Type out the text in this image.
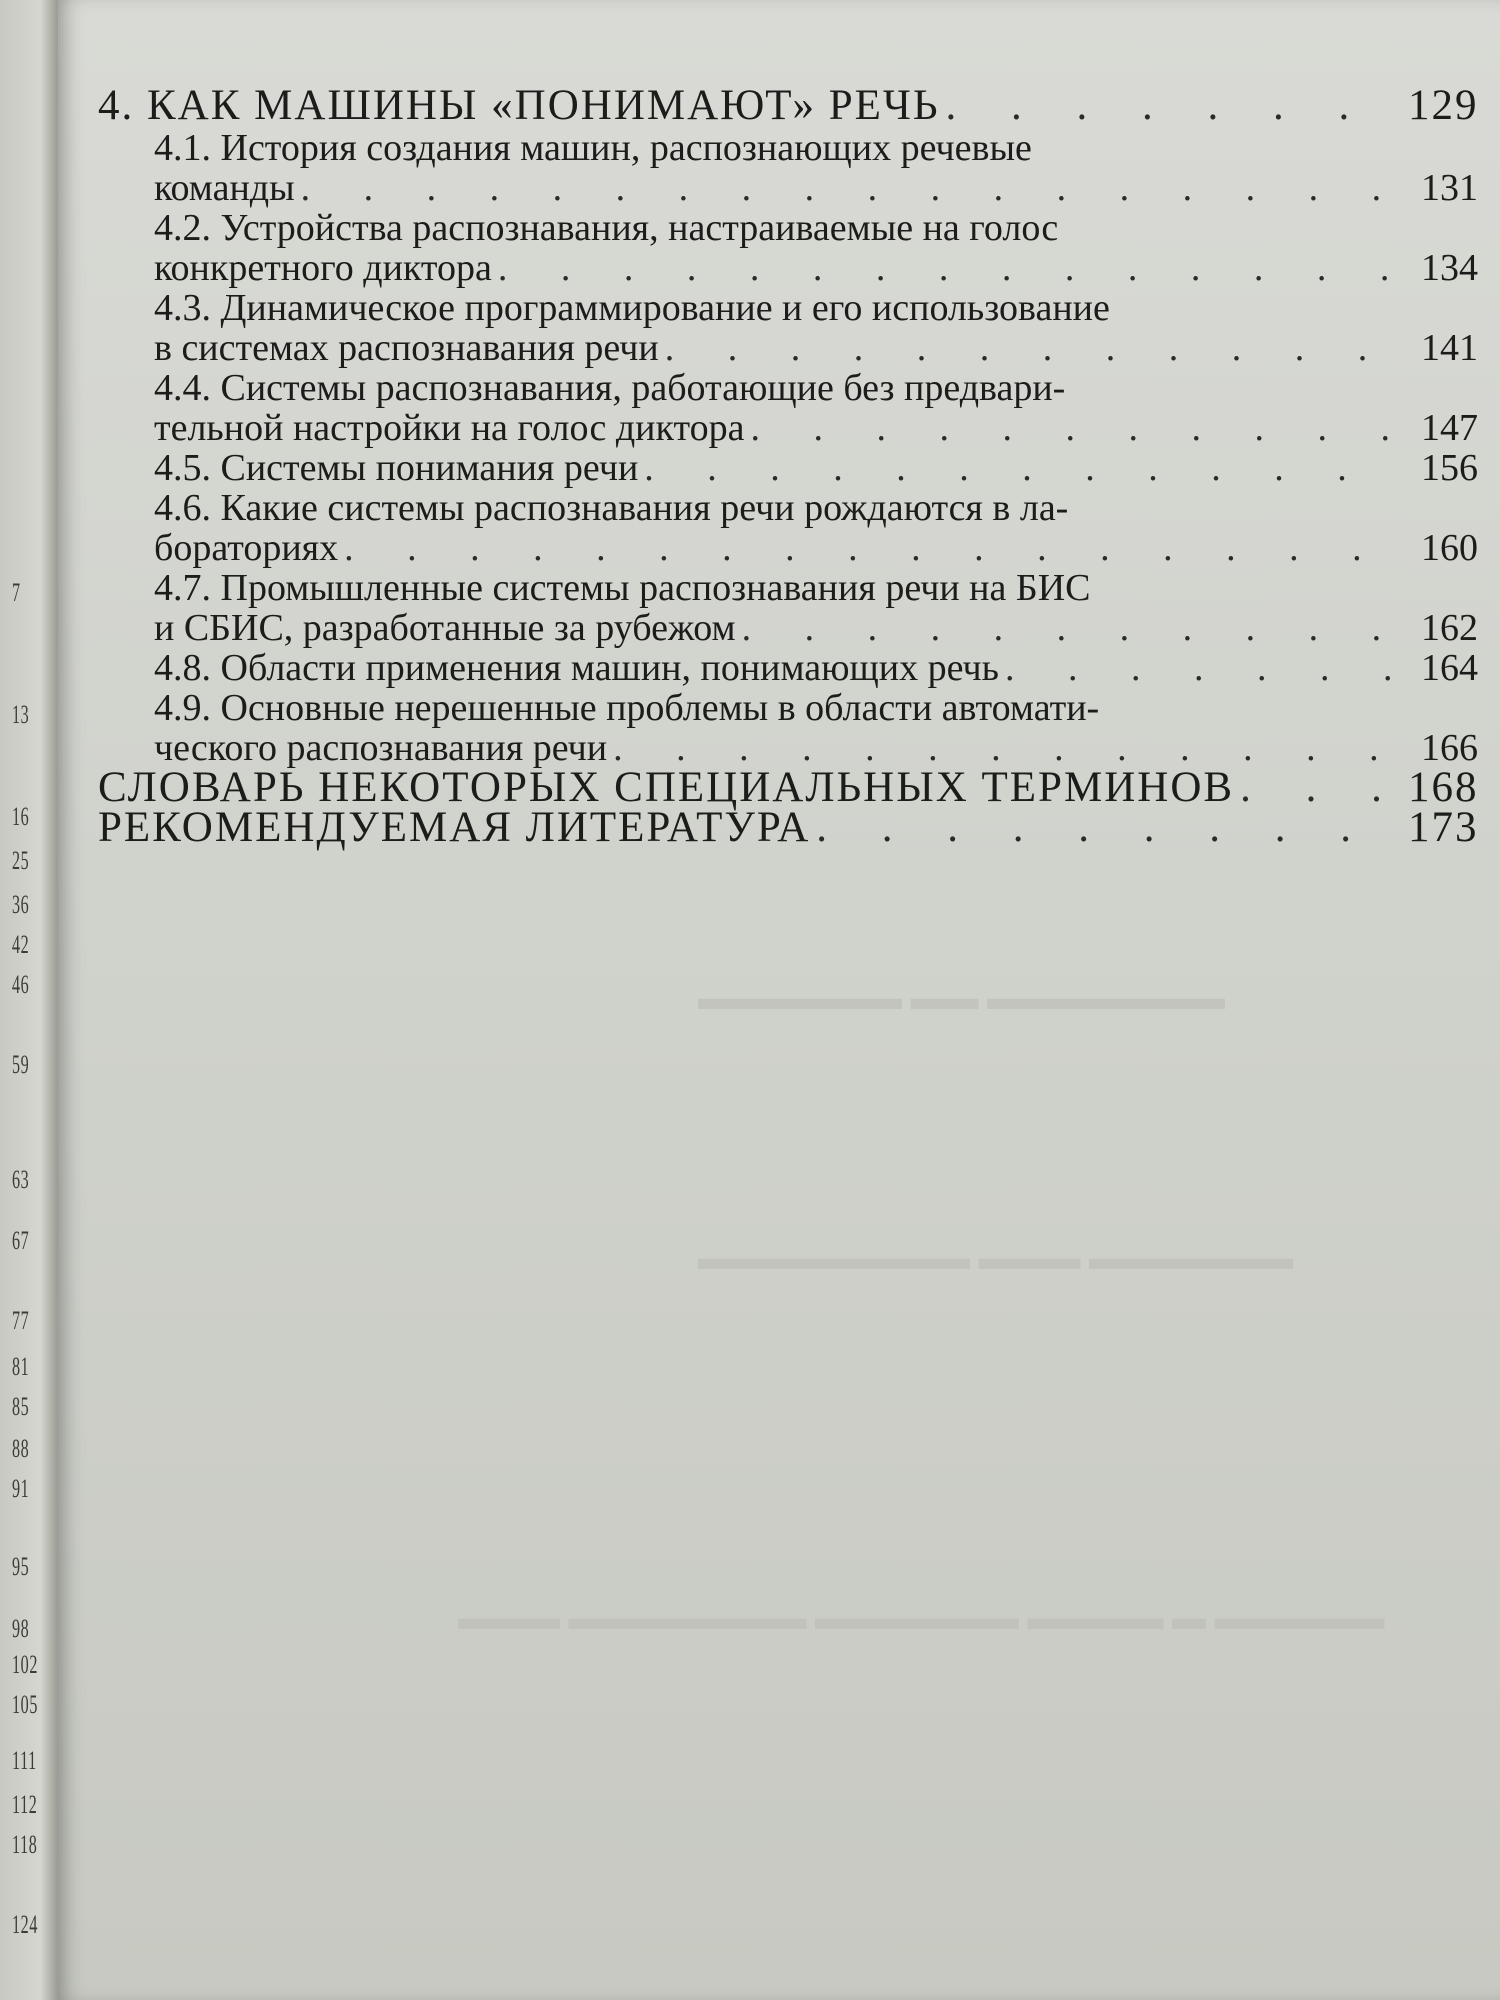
7
13
16
25
36
42
46
59
63
67
77
81
85
88
91
95
98
102
105
111
112
118
124
▬▬▬▬▬▬▬ ▬▬ ▬▬▬▬▬▬
▬▬▬▬▬▬ ▬▬▬ ▬▬▬▬▬▬▬▬
▬▬▬▬▬ ▬ ▬▬▬▬ ▬▬▬▬▬▬ ▬▬▬▬▬▬▬ ▬▬▬
4. КАК МАШИНЫ «ПОНИМАЮТ» РЕЧЬ . . .	129
4.1. История создания машин, распознающих речевые
команды . . .	131
4.2. Устройства распознавания, настраиваемые на голос
конкретного диктора . . .	134
4.3. Динамическое программирование и его использование
в системах распознавания речи . . .	141
4.4. Системы распознавания, работающие без предвари-
тельной настройки на голос диктора . . .	147
4.5. Системы понимания речи . . .	156
4.6. Какие системы распознавания речи рождаются в ла-
бораториях . . .	160
4.7. Промышленные системы распознавания речи на БИС
и СБИС, разработанные за рубежом . . .	162
4.8. Области применения машин, понимающих речь . . .	164
4.9. Основные нерешенные проблемы в области автомати-
ческого распознавания речи . . .	166
СЛОВАРЬ НЕКОТОРЫХ СПЕЦИАЛЬНЫХ ТЕРМИНОВ . . .	168
РЕКОМЕНДУЕМАЯ ЛИТЕРАТУРА . . .	173
